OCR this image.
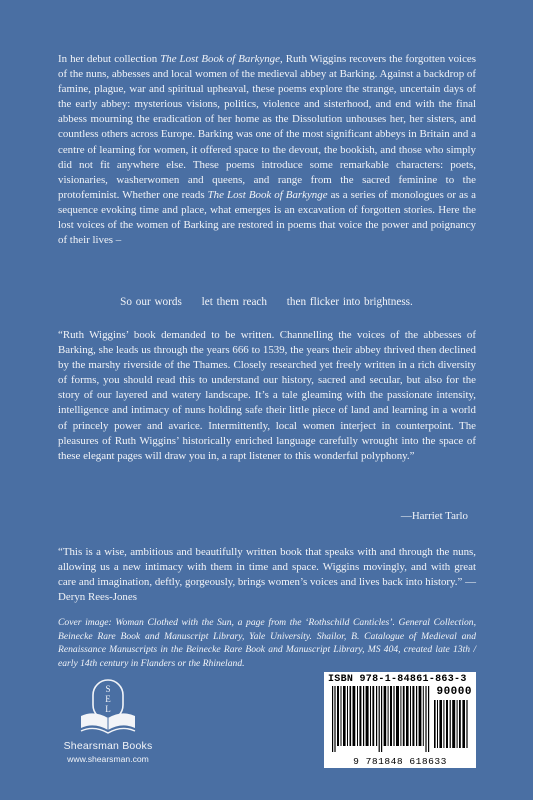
In her debut collection The Lost Book of Barkynge, Ruth Wiggins recovers the forgotten voices of the nuns, abbesses and local women of the medieval abbey at Barking. Against a backdrop of famine, plague, war and spiritual upheaval, these poems explore the strange, uncertain days of the early abbey: mysterious visions, politics, violence and sisterhood, and end with the final abbess mourning the eradication of her home as the Dissolution unhouses her, her sisters, and countless others across Europe. Barking was one of the most significant abbeys in Britain and a centre of learning for women, it offered space to the devout, the bookish, and those who simply did not fit anywhere else. These poems introduce some remarkable characters: poets, visionaries, washerwomen and queens, and range from the sacred feminine to the protofeminist. Whether one reads The Lost Book of Barkynge as a series of monologues or as a sequence evoking time and place, what emerges is an excavation of forgotten stories. Here the lost voices of the women of Barking are restored in poems that voice the power and poignancy of their lives –

So our words let them reach then flicker into brightness.

“Ruth Wiggins’ book demanded to be written. Channelling the voices of the abbesses of Barking, she leads us through the years 666 to 1539, the years their abbey thrived then declined by the marshy riverside of the Thames. Closely researched yet freely written in a rich diversity of forms, you should read this to understand our history, sacred and secular, but also for the story of our layered and watery landscape. It’s a tale gleaming with the passionate intensity, intelligence and intimacy of nuns holding safe their little piece of land and learning in a world of princely power and avarice. Intermittently, local women interject in counterpoint. The pleasures of Ruth Wiggins’ historically enriched language carefully wrought into the space of these elegant pages will draw you in, a rapt listener to this wonderful polyphony.”

—Harriet Tarlo

“This is a wise, ambitious and beautifully written book that speaks with and through the nuns, allowing us a new intimacy with them in time and space. Wiggins movingly, and with great care and imagination, deftly, gorgeously, brings women’s voices and lives back into history.” —Deryn Rees-Jones

Cover image: Woman Clothed with the Sun, a page from the ‘Rothschild Canticles’. General Collection, Beinecke Rare Book and Manuscript Library, Yale University. Shailor, B. Catalogue of Medieval and Renaissance Manuscripts in the Beinecke Rare Book and Manuscript Library, MS 404, created late 13th / early 14th century in Flanders or the Rhineland.

S
E
L
Shearsman Books
www.shearsman.com
ISBN 978-1-84861-863-3
90000
9 781848 618633
